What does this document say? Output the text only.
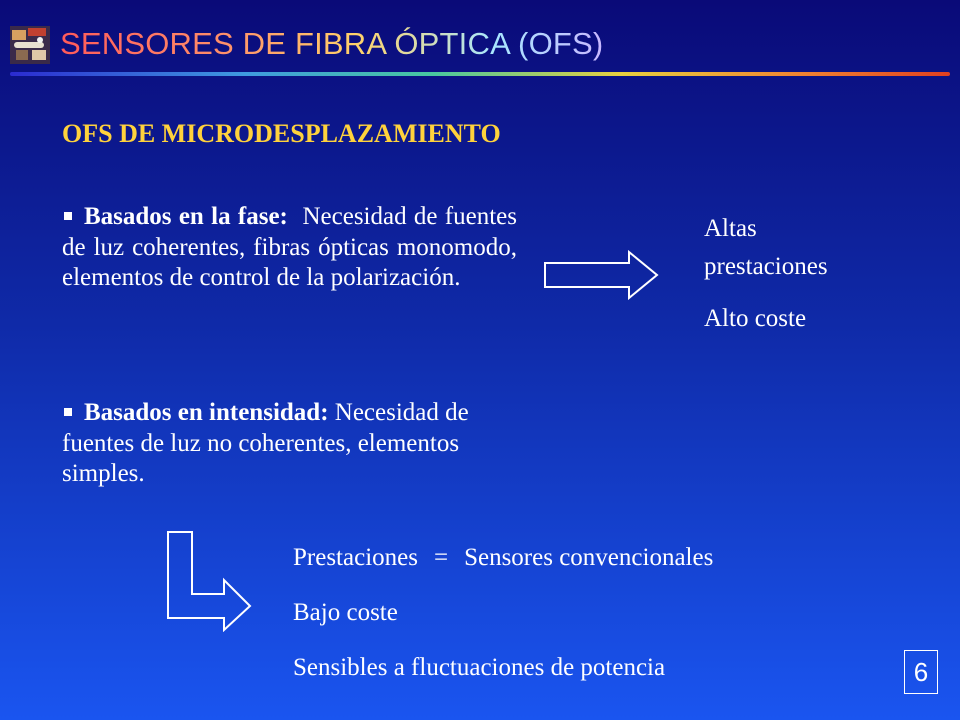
SENSORES DE FIBRA ÓPTICA (OFS)
OFS DE MICRODESPLAZAMIENTO
Basados en la fase: Necesidad de fuentes de luz coherentes, fibras ópticas monomodo, elementos de control de la polarización.
Altas prestaciones
Alto coste
Basados en intensidad: Necesidad de fuentes de luz no coherentes, elementos simples.
Prestaciones = Sensores convencionales
Bajo coste
Sensibles a fluctuaciones de potencia	6
